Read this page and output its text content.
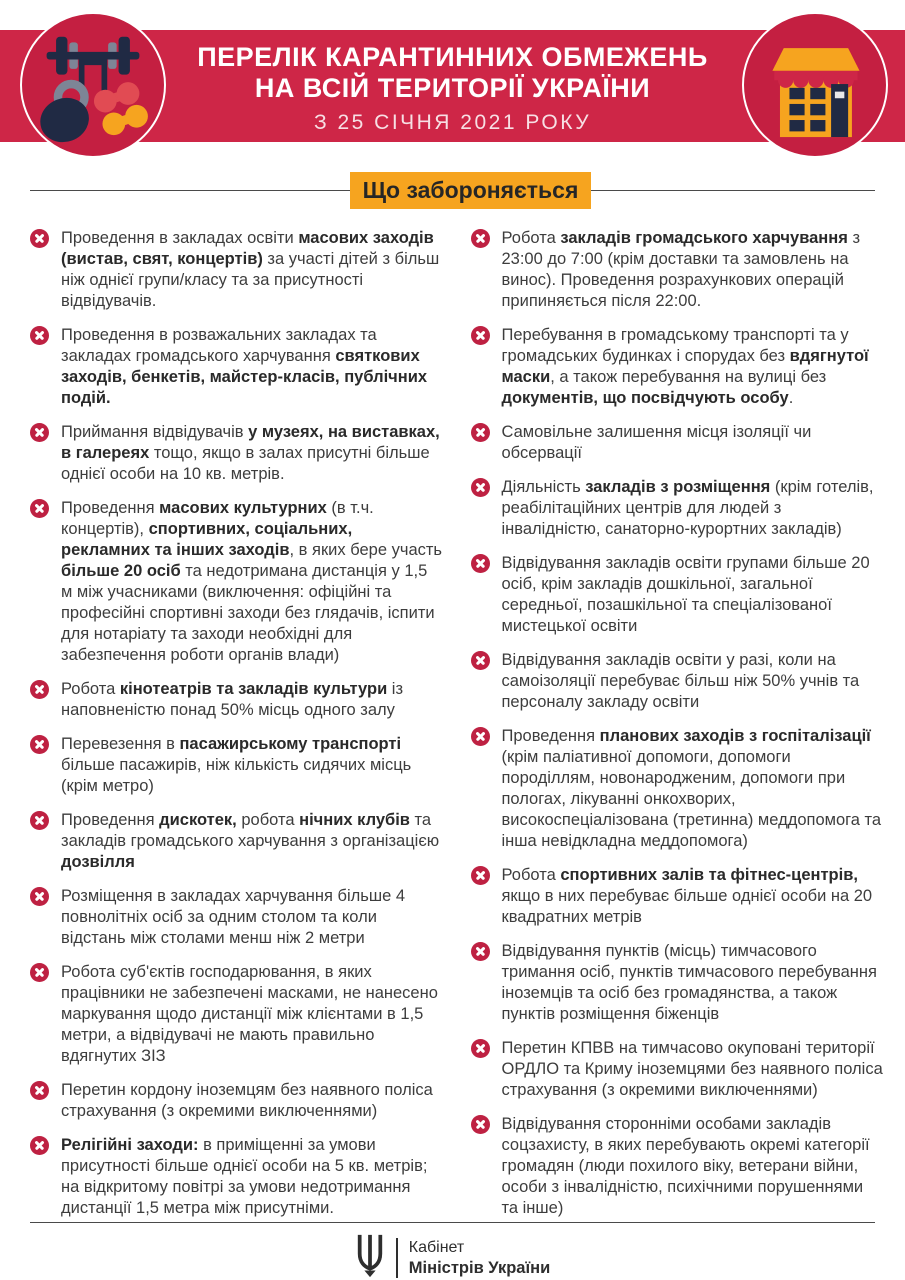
ПЕРЕЛІК КАРАНТИННИХ ОБМЕЖЕНЬ
НА ВСІЙ ТЕРИТОРІЇ УКРАЇНИ
З 25 СІЧНЯ 2021 РОКУ
Що забороняється

Проведення в закладах освіти масових заходів (вистав, свят, концертів) за участі дітей з більш ніж однієї групи/класу та за присутності відвідувачів.

Проведення в розважальних закладах та закладах громадського харчування святкових заходів, бенкетів, майстер-класів, публічних подій.

Приймання відвідувачів у музеях, на виставках, в галереях тощо, якщо в залах присутні більше однієї особи на 10 кв. метрів.

Проведення масових культурних (в т.ч. концертів), спортивних, соціальних, рекламних та інших заходів, в яких бере участь більше 20 осіб та недотримана дистанція у 1,5 м між учасниками (виключення: офіційні та професійні спортивні заходи без глядачів, іспити для нотаріату та заходи необхідні для забезпечення роботи органів влади)

Робота кінотеатрів та закладів культури із наповненістю понад 50% місць одного залу

Перевезення в пасажирському транспорті більше пасажирів, ніж кількість сидячих місць (крім метро)

Проведення дискотек, робота нічних клубів та закладів громадського харчування з організацією дозвілля

Розміщення в закладах харчування більше 4 повнолітніх осіб за одним столом та коли відстань між столами менш ніж 2 метри

Робота суб'єктів господарювання, в яких працівники не забезпечені масками, не нанесено маркування щодо дистанції між клієнтами в 1,5 метри, а відвідувачі не мають правильно вдягнутих ЗІЗ

Перетин кордону іноземцям без наявного поліса страхування (з окремими виключеннями)

Релігійні заходи: в приміщенні за умови присутності більше однієї особи на 5 кв. метрів; на відкритому повітрі за умови недотримання дистанції 1,5 метра між присутніми.

Робота закладів громадського харчування з 23:00 до 7:00 (крім доставки та замовлень на винос). Проведення розрахункових операцій припиняється після 22:00.

Перебування в громадському транспорті та у громадських будинках і спорудах без вдягнутої маски, а також перебування на вулиці без документів, що посвідчують особу.

Самовільне залишення місця ізоляції чи обсервації

Діяльність закладів з розміщення (крім готелів, реабілітаційних центрів для людей з інвалідністю, санаторно-курортних закладів)

Відвідування закладів освіти групами більше 20 осіб, крім закладів дошкільної, загальної середньої, позашкільної та спеціалізованої мистецької освіти

Відвідування закладів освіти у разі, коли на самоізоляції перебуває більш ніж 50% учнів та персоналу закладу освіти

Проведення планових заходів з госпіталізації (крім паліативної допомоги, допомоги породіллям, новонародженим, допомоги при пологах, лікуванні онкохворих, високоспеціалізована (третинна) меддопомога та інша невідкладна меддопомога)

Робота спортивних залів та фітнес-центрів, якщо в них перебуває більше однієї особи на 20 квадратних метрів

Відвідування пунктів (місць) тимчасового тримання осіб, пунктів тимчасового перебування іноземців та осіб без громадянства, а також пунктів розміщення біженців

Перетин КПВВ на тимчасово окуповані території ОРДЛО та Криму іноземцями без наявного поліса страхування (з окремими виключеннями)

Відвідування сторонніми особами закладів соцзахисту, в яких перебувають окремі категорії громадян (люди похилого віку, ветерани війни, особи з інвалідністю, психічними порушеннями та інше)

Кабінет
Міністрів України
